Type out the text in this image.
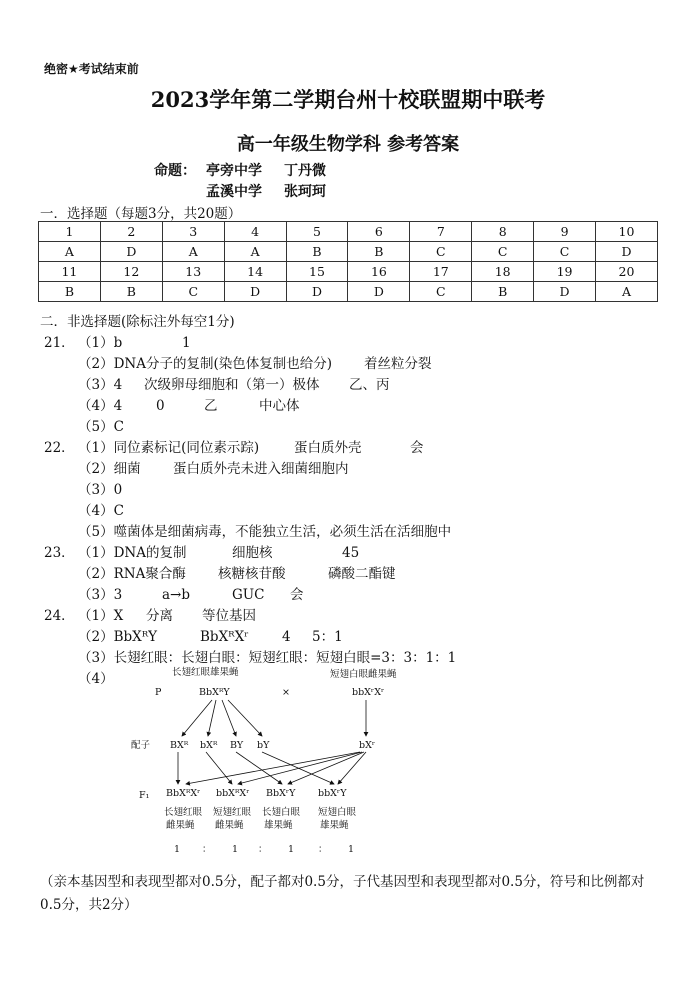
绝密★考试结束前
2023学年第二学期台州十校联盟期中联考
高一年级生物学科 参考答案
命题： 亭旁中学 丁丹微
孟溪中学 张珂珂
一．选择题（每题3分，共20题）
1	2	3	4	5	6	7	8	9	10
A	D	A	A	B	B	C	C	C	D
11	12	13	14	15	16	17	18	19	20
B	B	C	D	D	D	C	B	D	A
二．非选择题(除标注外每空1分)
21． （1）b	1
（2）DNA分子的复制(染色体复制也给分) 着丝粒分裂
（3）4 次级卵母细胞和（第一）极体 乙、丙
（4）4	0	乙	中心体
（5）C
22． （1）同位素标记(同位素示踪)	蛋白质外壳	会
（2）细菌 蛋白质外壳未进入细菌细胞内
（3）0
（4）C
（5）噬菌体是细菌病毒，不能独立生活，必须生活在活细胞中
23． （1）DNA的复制	细胞核	45
（2）RNA聚合酶 核糖核苷酸	磷酸二酯键
（3）3	a→b	GUC 会
24． （1）X 分离 等位基因
（2）BbXᴿY	BbXᴿXʳ 4 5：1
（3）长翅红眼：长翅白眼：短翅红眼：短翅白眼=3：3：1：1
（4）	长翅红眼雄果蝇	短翅白眼雌果蝇
P	BbXᴿY	×	bbXʳXʳ
配子 BXᴿ bXᴿ BY bY	bXʳ
F₁ BbXᴿXʳ bbXᴿXʳ BbXʳY bbXʳY
长翅红眼
雌果蝇
短翅红眼
雌果蝇
长翅白眼
雄果蝇
短翅白眼
雄果蝇
1 ： 1 ： 1	： 1
（亲本基因型和表现型都对0.5分，配子都对0.5分，子代基因型和表现型都对0.5分，符号和比例都对0.5分，共2分）
